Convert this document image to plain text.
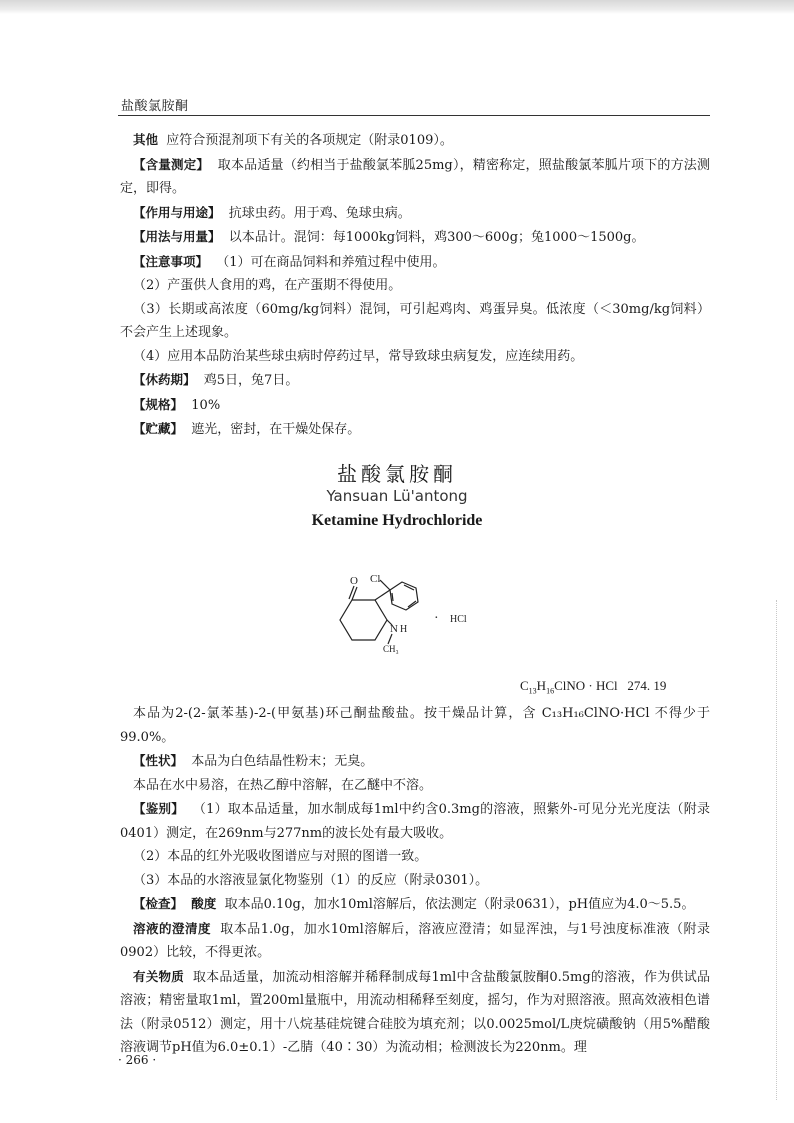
盐酸氯胺酮

其他 应符合预混剂项下有关的各项规定（附录0109）。

【含量测定】 取本品适量（约相当于盐酸氯苯胍25mg），精密称定，照盐酸氯苯胍片项下的方法测定，即得。

【作用与用途】 抗球虫药。用于鸡、兔球虫病。

【用法与用量】 以本品计。混饲：每1000kg饲料，鸡300～600g；兔1000～1500g。

【注意事项】 （1）可在商品饲料和养殖过程中使用。

（2）产蛋供人食用的鸡，在产蛋期不得使用。

（3）长期或高浓度（60mg/kg饲料）混饲，可引起鸡肉、鸡蛋异臭。低浓度（＜30mg/kg饲料）不会产生上述现象。

（4）应用本品防治某些球虫病时停药过早，常导致球虫病复发，应连续用药。

【休药期】 鸡5日，兔7日。

【规格】 10%

【贮藏】 遮光，密封，在干燥处保存。

盐酸氯胺酮
Yansuan Lü'antong
Ketamine Hydrochloride
Cl
O
N H
CH₃
· HCl
$C_{13}H_{16}ClNO$ · HCl 274. 19

本品为2-(2-氯苯基)-2-(甲氨基)环己酮盐酸盐。按干燥品计算，含 C₁₃H₁₆ClNO·HCl 不得少于99.0%。

【性状】 本品为白色结晶性粉末；无臭。

本品在水中易溶，在热乙醇中溶解，在乙醚中不溶。

【鉴别】 （1）取本品适量，加水制成每1ml中约含0.3mg的溶液，照紫外-可见分光光度法（附录0401）测定，在269nm与277nm的波长处有最大吸收。

（2）本品的红外光吸收图谱应与对照的图谱一致。

（3）本品的水溶液显氯化物鉴别（1）的反应（附录0301）。

【检查】 酸度 取本品0.10g，加水10ml溶解后，依法测定（附录0631），pH值应为4.0～5.5。

溶液的澄清度 取本品1.0g，加水10ml溶解后，溶液应澄清；如显浑浊，与1号浊度标准液（附录0902）比较，不得更浓。

有关物质 取本品适量，加流动相溶解并稀释制成每1ml中含盐酸氯胺酮0.5mg的溶液，作为供试品溶液；精密量取1ml，置200ml量瓶中，用流动相稀释至刻度，摇匀，作为对照溶液。照高效液相色谱法（附录0512）测定，用十八烷基硅烷键合硅胶为填充剂；以0.0025mol/L庚烷磺酸钠（用5%醋酸溶液调节pH值为6.0±0.1）-乙腈（40∶30）为流动相；检测波长为220nm。理

· 266 ·
